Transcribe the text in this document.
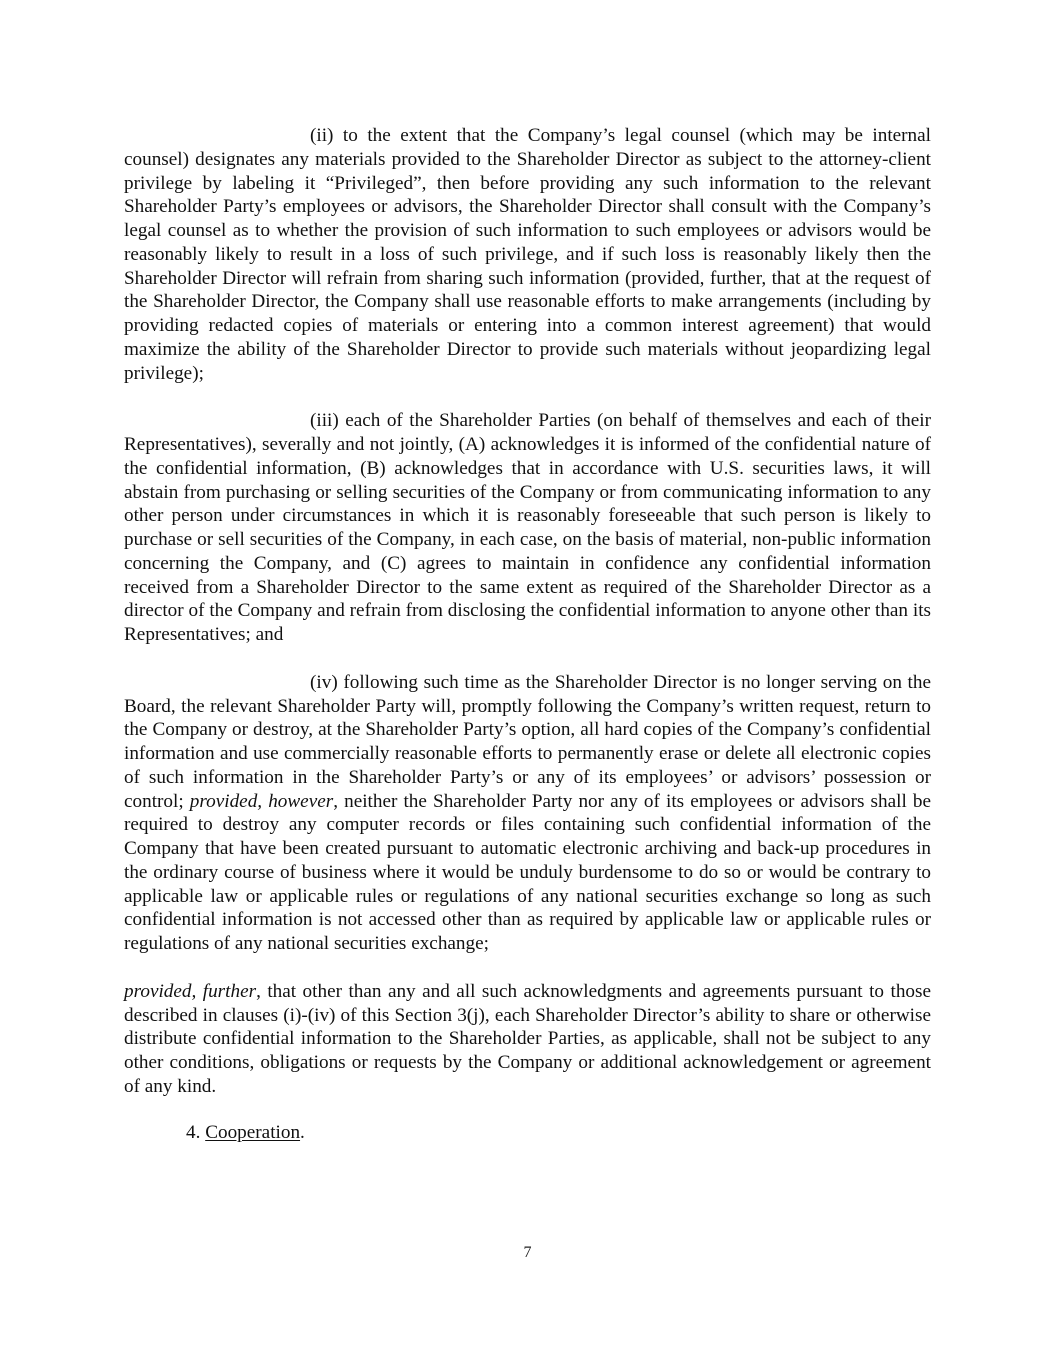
(ii) to the extent that the Company’s legal counsel (which may be internal counsel) designates any materials provided to the Shareholder Director as subject to the attorney-client privilege by labeling it “Privileged”, then before providing any such information to the relevant Shareholder Party’s employees or advisors, the Shareholder Director shall consult with the Company’s legal counsel as to whether the provision of such information to such employees or advisors would be reasonably likely to result in a loss of such privilege, and if such loss is reasonably likely then the Shareholder Director will refrain from sharing such information (provided, further, that at the request of the Shareholder Director, the Company shall use reasonable efforts to make arrangements (including by providing redacted copies of materials or entering into a common interest agreement) that would maximize the ability of the Shareholder Director to provide such materials without jeopardizing legal privilege);

(iii) each of the Shareholder Parties (on behalf of themselves and each of their Representatives), severally and not jointly, (A) acknowledges it is informed of the confidential nature of the confidential information, (B) acknowledges that in accordance with U.S. securities laws, it will abstain from purchasing or selling securities of the Company or from communicating information to any other person under circumstances in which it is reasonably foreseeable that such person is likely to purchase or sell securities of the Company, in each case, on the basis of material, non-public information concerning the Company, and (C) agrees to maintain in confidence any confidential information received from a Shareholder Director to the same extent as required of the Shareholder Director as a director of the Company and refrain from disclosing the confidential information to anyone other than its Representatives; and

(iv) following such time as the Shareholder Director is no longer serving on the Board, the relevant Shareholder Party will, promptly following the Company’s written request, return to the Company or destroy, at the Shareholder Party’s option, all hard copies of the Company’s confidential information and use commercially reasonable efforts to permanently erase or delete all electronic copies of such information in the Shareholder Party’s or any of its employees’ or advisors’ possession or control; provided, however, neither the Shareholder Party nor any of its employees or advisors shall be required to destroy any computer records or files containing such confidential information of the Company that have been created pursuant to automatic electronic archiving and back-up procedures in the ordinary course of business where it would be unduly burdensome to do so or would be contrary to applicable law or applicable rules or regulations of any national securities exchange so long as such confidential information is not accessed other than as required by applicable law or applicable rules or regulations of any national securities exchange;

provided, further, that other than any and all such acknowledgments and agreements pursuant to those described in clauses (i)-(iv) of this Section 3(j), each Shareholder Director’s ability to share or otherwise distribute confidential information to the Shareholder Parties, as applicable, shall not be subject to any other conditions, obligations or requests by the Company or additional acknowledgement or agreement of any kind.

4. Cooperation.

7
